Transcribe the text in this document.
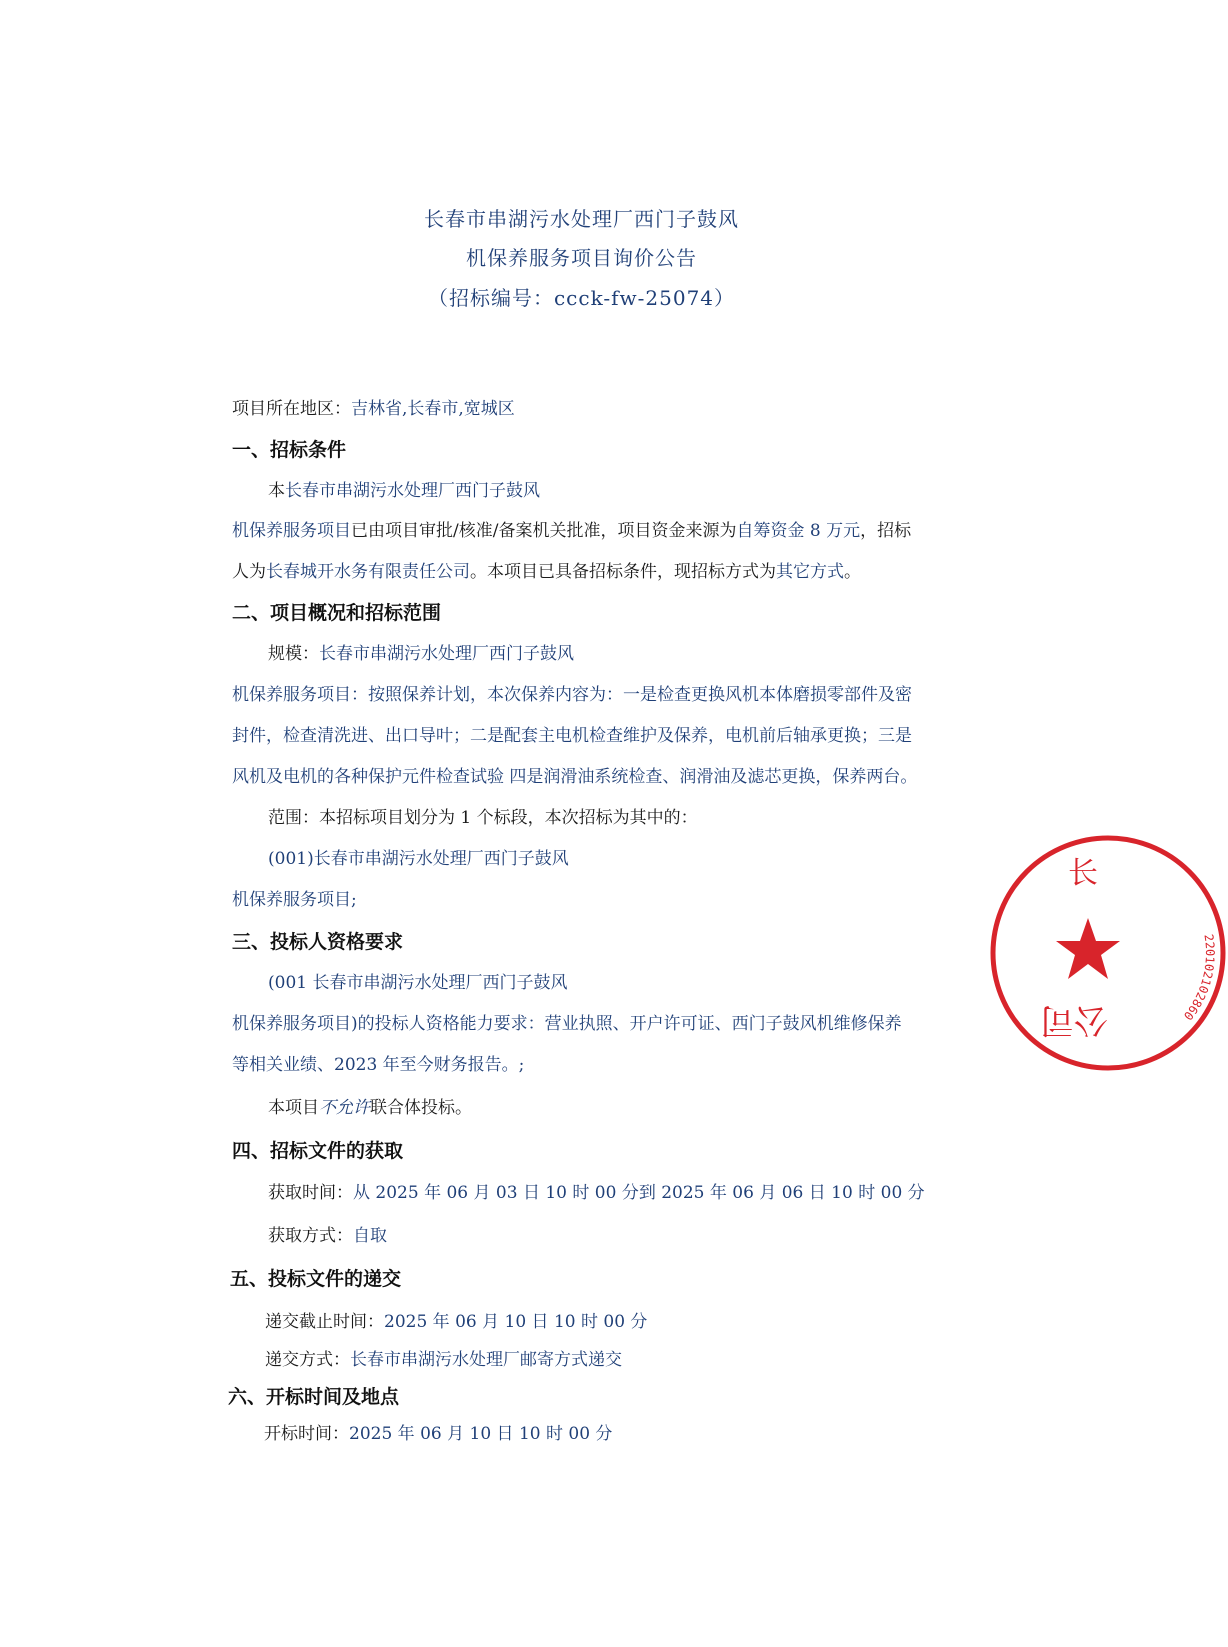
长春市串湖污水处理厂西门子鼓风
机保养服务项目询价公告
（招标编号：ccck-fw-25074）
项目所在地区：吉林省,长春市,宽城区
一、招标条件
本长春市串湖污水处理厂西门子鼓风
机保养服务项目已由项目审批/核准/备案机关批准，项目资金来源为自筹资金 8 万元，招标
人为长春城开水务有限责任公司。本项目已具备招标条件，现招标方式为其它方式。
二、项目概况和招标范围
规模：长春市串湖污水处理厂西门子鼓风
机保养服务项目：按照保养计划，本次保养内容为：一是检查更换风机本体磨损零部件及密
封件，检查清洗进、出口导叶；二是配套主电机检查维护及保养，电机前后轴承更换；三是
风机及电机的各种保护元件检查试验 四是润滑油系统检查、润滑油及滤芯更换，保养两台。
范围：本招标项目划分为 1 个标段，本次招标为其中的：
(001)长春市串湖污水处理厂西门子鼓风
机保养服务项目;
三、投标人资格要求
(001 长春市串湖污水处理厂西门子鼓风
机保养服务项目)的投标人资格能力要求：营业执照、开户许可证、西门子鼓风机维修保养
等相关业绩、2023 年至今财务报告。;
本项目不允许联合体投标。
四、招标文件的获取
获取时间：从 2025 年 06 月 03 日 10 时 00 分到 2025 年 06 月 06 日 10 时 00 分
获取方式：自取
五、投标文件的递交
递交截止时间：2025 年 06 月 10 日 10 时 00 分
递交方式：长春市串湖污水处理厂邮寄方式递交
六、开标时间及地点
开标时间：2025 年 06 月 10 日 10 时 00 分
220102102860
长
公司
